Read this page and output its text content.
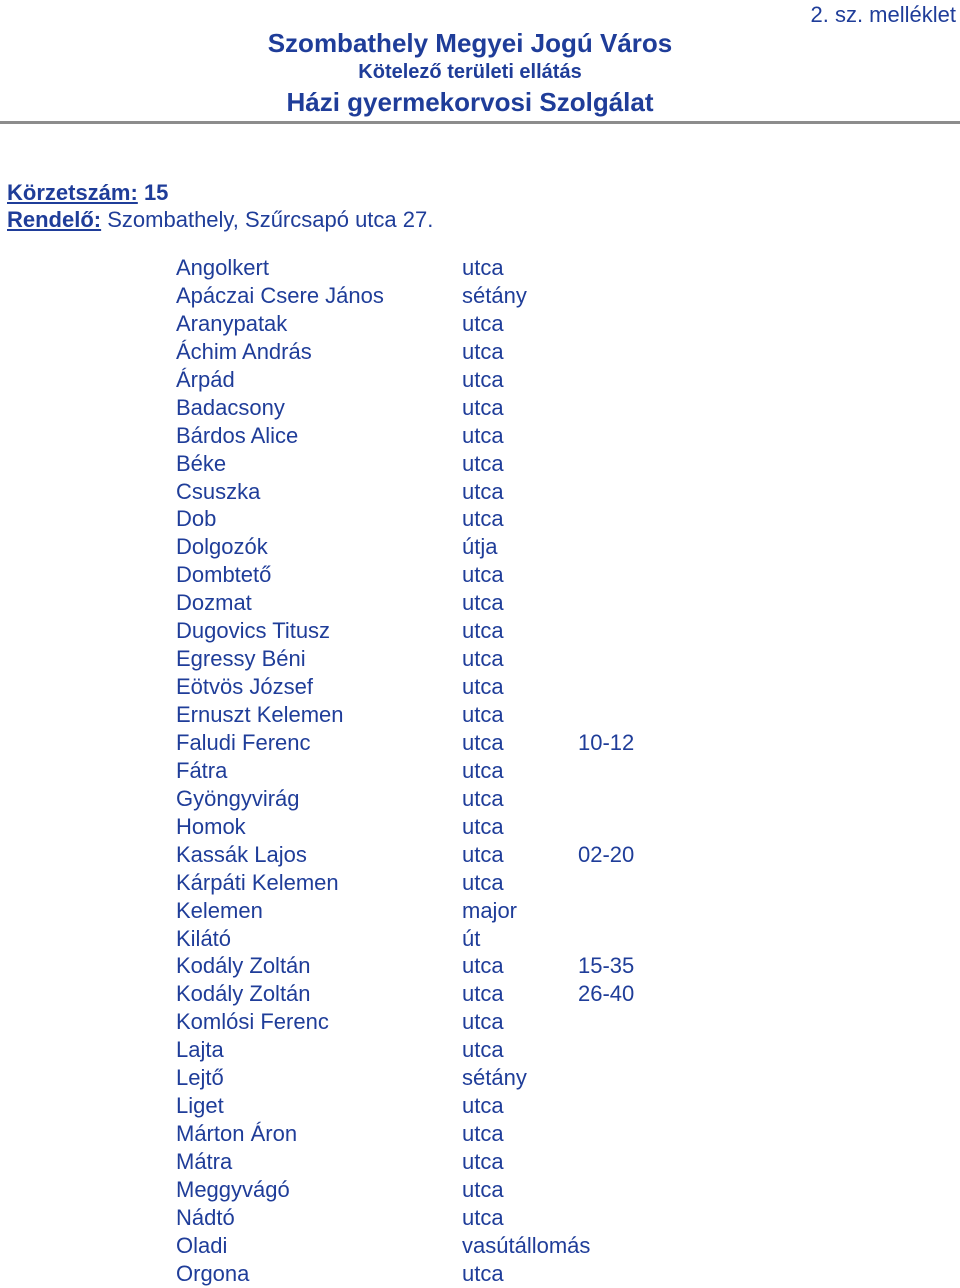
2. sz. melléklet
Szombathely Megyei Jogú Város
Kötelező területi ellátás
Házi gyermekorvosi Szolgálat
Körzetszám: 15
Rendelő: Szombathely, Szűrcsapó utca 27.
Angolkert	utca
Apáczai Csere János	sétány
Aranypatak	utca
Áchim András	utca
Árpád	utca
Badacsony	utca
Bárdos Alice	utca
Béke	utca
Csuszka	utca
Dob	utca
Dolgozók	útja
Dombtető	utca
Dozmat	utca
Dugovics Titusz	utca
Egressy Béni	utca
Eötvös József	utca
Ernuszt Kelemen	utca
Faludi Ferenc	utca	10-12
Fátra	utca
Gyöngyvirág	utca
Homok	utca
Kassák Lajos	utca	02-20
Kárpáti Kelemen	utca
Kelemen	major
Kilátó	út
Kodály Zoltán	utca	15-35
Kodály Zoltán	utca	26-40
Komlósi Ferenc	utca
Lajta	utca
Lejtő	sétány
Liget	utca
Márton Áron	utca
Mátra	utca
Meggyvágó	utca
Nádtó	utca
Oladi	vasútállomás
Orgona	utca
